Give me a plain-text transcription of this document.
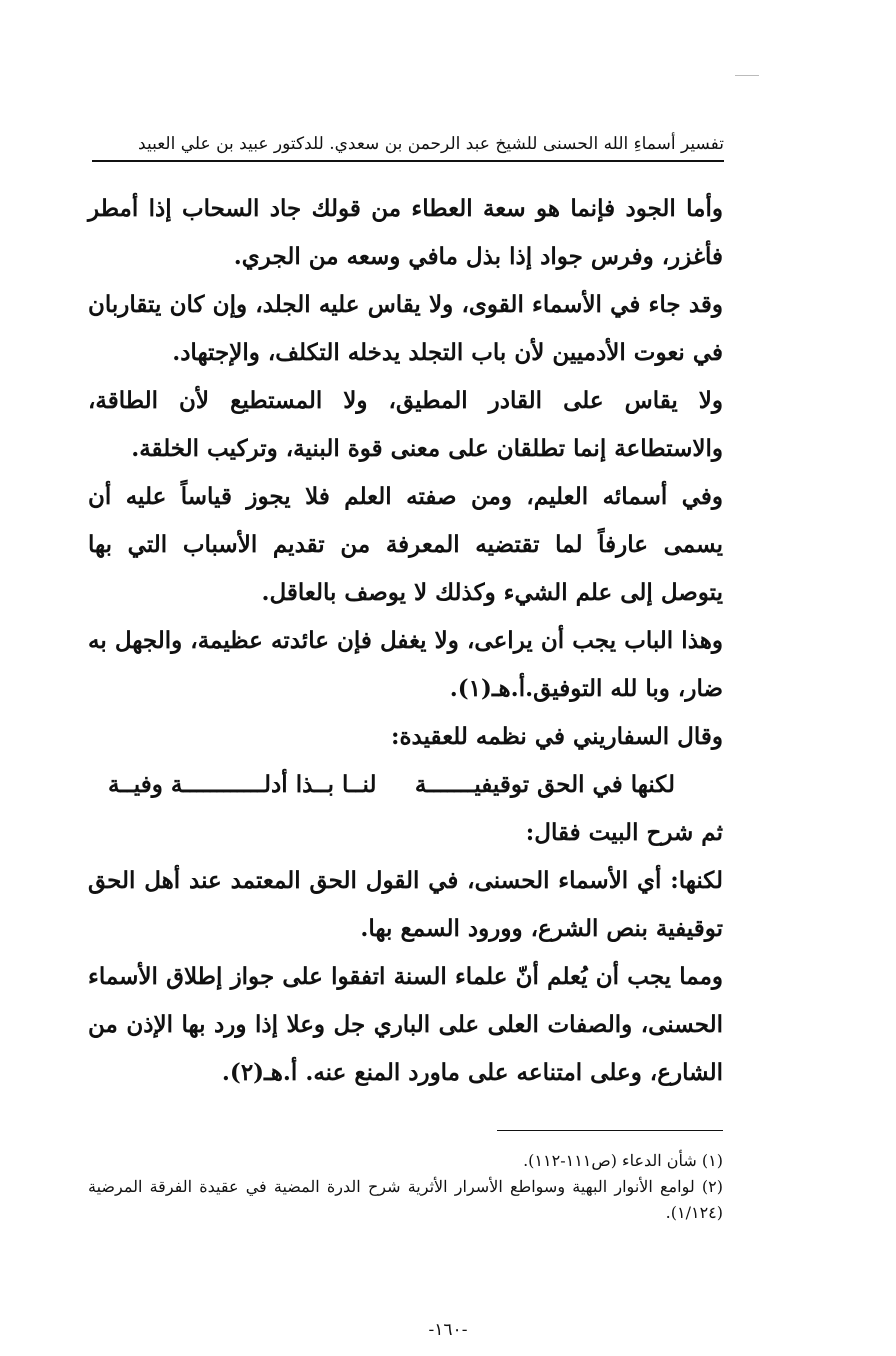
تفسير أسماءِ الله الحسنى للشيخ عبد الرحمن بن سعدي. للدكتور عبيد بن علي العبيد

وأما الجود فإنما هو سعة العطاء من قولك جاد السحاب إذا أمطر فأغزر، وفرس جواد إذا بذل مافي وسعه من الجري.

وقد جاء في الأسماء القوى، ولا يقاس عليه الجلد، وإن كان يتقاربان في نعوت الأدميين لأن باب التجلد يدخله التكلف، والإجتهاد.

ولا يقاس على القادر المطيق، ولا المستطيع لأن الطاقة، والاستطاعة إنما تطلقان على معنى قوة البنية، وتركيب الخلقة.

وفي أسمائه العليم، ومن صفته العلم فلا يجوز قياساً عليه أن يسمى عارفاً لما تقتضيه المعرفة من تقديم الأسباب التي بها يتوصل إلى علم الشيء وكذلك لا يوصف بالعاقل.

وهذا الباب يجب أن يراعى، ولا يغفل فإن عائدته عظيمة، والجهل به ضار، وبا لله التوفيق.أ.هـ(١).

وقال السفاريني في نظمه للعقيدة:

لكنها في الحق توقيفيـــــــة
لنــا بــذا أدلــــــــــــة وفيــة

ثم شرح البيت فقال:

لكنها: أي الأسماء الحسنى، في القول الحق المعتمد عند أهل الحق توقيفية بنص الشرع، وورود السمع بها.

ومما يجب أن يُعلم أنّ علماء السنة اتفقوا على جواز إطلاق الأسماء الحسنى، والصفات العلى على الباري جل وعلا إذا ورد بها الإذن من الشارع، وعلى امتناعه على ماورد المنع عنه. أ.هـ(٢).

(١) شأن الدعاء (ص١١١-١١٢).

(٢) لوامع الأنوار البهية وسواطع الأسرار الأثرية شرح الدرة المضية في عقيدة الفرقة المرضية (١/١٢٤).

-١٦٠-
